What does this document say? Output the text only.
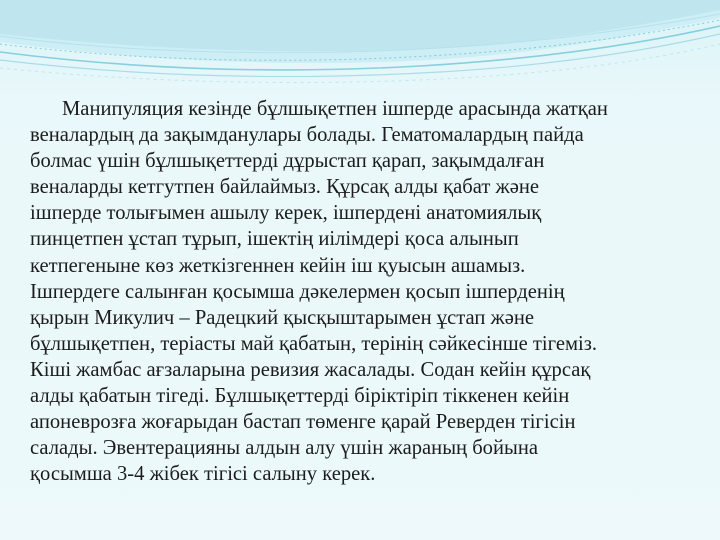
Манипуляция кезінде бұлшықетпен ішперде арасында жатқан
веналардың да зақымданулары болады. Гематомалардың пайда
болмас үшін бұлшықеттерді дұрыстап қарап, зақымдалған
веналарды кетгутпен байлаймыз. Құрсақ алды қабат және
ішперде толығымен ашылу керек, ішпердені анатомиялық
пинцетпен ұстап тұрып, ішектің иілімдері қоса алынып
кетпегеныне көз жеткізгеннен кейін іш қуысын ашамыз.
Ішпердеге салынған қосымша дәкелермен қосып ішперденің
қырын Микулич – Радецкий қысқыштарымен ұстап және
бұлшықетпен, теріасты май қабатын, терінің сәйкесінше тігеміз.
Кіші жамбас ағзаларына ревизия жасалады. Содан кейін құрсақ
алды қабатын тігеді. Бұлшықеттерді біріктіріп тіккенен кейін
апоневрозға жоғарыдан бастап төменге қарай Реверден тігісін
салады. Эвентерацияны алдын алу үшін жараның бойына
қосымша 3-4 жібек тігісі салыну керек.
